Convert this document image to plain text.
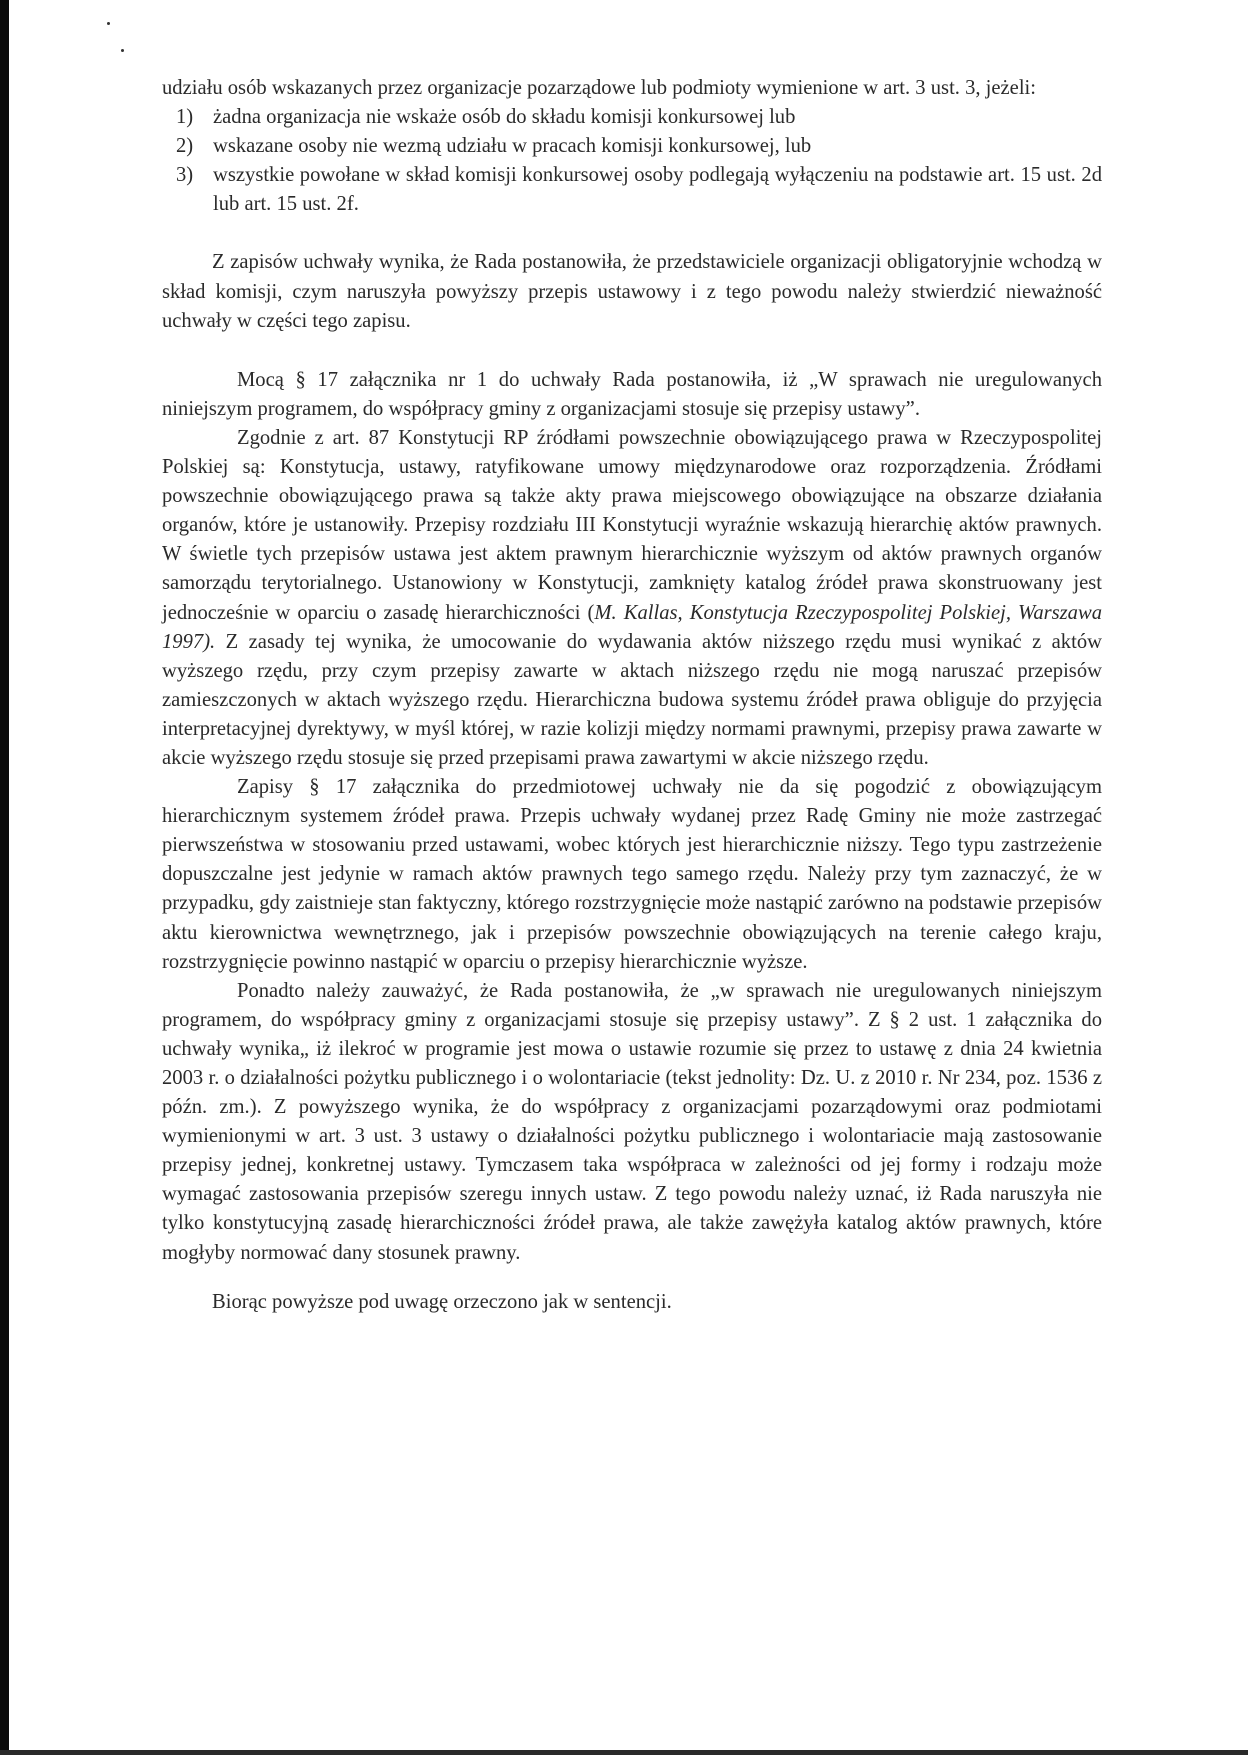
udziału osób wskazanych przez organizacje pozarządowe lub podmioty wymienione w art. 3 ust. 3, jeżeli:

1) żadna organizacja nie wskaże osób do składu komisji konkursowej lub
2) wskazane osoby nie wezmą udziału w pracach komisji konkursowej, lub
3) wszystkie powołane w skład komisji konkursowej osoby podlegają wyłączeniu na podstawie art. 15 ust. 2d lub art. 15 ust. 2f.

Z zapisów uchwały wynika, że Rada postanowiła, że przedstawiciele organizacji obligatoryjnie wchodzą w skład komisji, czym naruszyła powyższy przepis ustawowy i z tego powodu należy stwierdzić nieważność uchwały w części tego zapisu.

Mocą § 17 załącznika nr 1 do uchwały Rada postanowiła, iż „W sprawach nie uregulowanych niniejszym programem, do współpracy gminy z organizacjami stosuje się przepisy ustawy”.

Zgodnie z art. 87 Konstytucji RP źródłami powszechnie obowiązującego prawa w Rzeczypospolitej Polskiej są: Konstytucja, ustawy, ratyfikowane umowy międzynarodowe oraz rozporządzenia. Źródłami powszechnie obowiązującego prawa są także akty prawa miejscowego obowiązujące na obszarze działania organów, które je ustanowiły. Przepisy rozdziału III Konstytucji wyraźnie wskazują hierarchię aktów prawnych. W świetle tych przepisów ustawa jest aktem prawnym hierarchicznie wyższym od aktów prawnych organów samorządu terytorialnego. Ustanowiony w Konstytucji, zamknięty katalog źródeł prawa skonstruowany jest jednocześnie w oparciu o zasadę hierarchiczności (M. Kallas, Konstytucja Rzeczypospolitej Polskiej, Warszawa 1997). Z zasady tej wynika, że umocowanie do wydawania aktów niższego rzędu musi wynikać z aktów wyższego rzędu, przy czym przepisy zawarte w aktach niższego rzędu nie mogą naruszać przepisów zamieszczonych w aktach wyższego rzędu. Hierarchiczna budowa systemu źródeł prawa obliguje do przyjęcia interpretacyjnej dyrektywy, w myśl której, w razie kolizji między normami prawnymi, przepisy prawa zawarte w akcie wyższego rzędu stosuje się przed przepisami prawa zawartymi w akcie niższego rzędu.

Zapisy § 17 załącznika do przedmiotowej uchwały nie da się pogodzić z obowiązującym hierarchicznym systemem źródeł prawa. Przepis uchwały wydanej przez Radę Gminy nie może zastrzegać pierwszeństwa w stosowaniu przed ustawami, wobec których jest hierarchicznie niższy. Tego typu zastrzeżenie dopuszczalne jest jedynie w ramach aktów prawnych tego samego rzędu. Należy przy tym zaznaczyć, że w przypadku, gdy zaistnieje stan faktyczny, którego rozstrzygnięcie może nastąpić zarówno na podstawie przepisów aktu kierownictwa wewnętrznego, jak i przepisów powszechnie obowiązujących na terenie całego kraju, rozstrzygnięcie powinno nastąpić w oparciu o przepisy hierarchicznie wyższe.

Ponadto należy zauważyć, że Rada postanowiła, że „w sprawach nie uregulowanych niniejszym programem, do współpracy gminy z organizacjami stosuje się przepisy ustawy”. Z § 2 ust. 1 załącznika do uchwały wynika„ iż ilekroć w programie jest mowa o ustawie rozumie się przez to ustawę z dnia 24 kwietnia 2003 r. o działalności pożytku publicznego i o wolontariacie (tekst jednolity: Dz. U. z 2010 r. Nr 234, poz. 1536 z późn. zm.). Z powyższego wynika, że do współpracy z organizacjami pozarządowymi oraz podmiotami wymienionymi w art. 3 ust. 3 ustawy o działalności pożytku publicznego i wolontariacie mają zastosowanie przepisy jednej, konkretnej ustawy. Tymczasem taka współpraca w zależności od jej formy i rodzaju może wymagać zastosowania przepisów szeregu innych ustaw. Z tego powodu należy uznać, iż Rada naruszyła nie tylko konstytucyjną zasadę hierarchiczności źródeł prawa, ale także zawężyła katalog aktów prawnych, które mogłyby normować dany stosunek prawny.

Biorąc powyższe pod uwagę orzeczono jak w sentencji.
